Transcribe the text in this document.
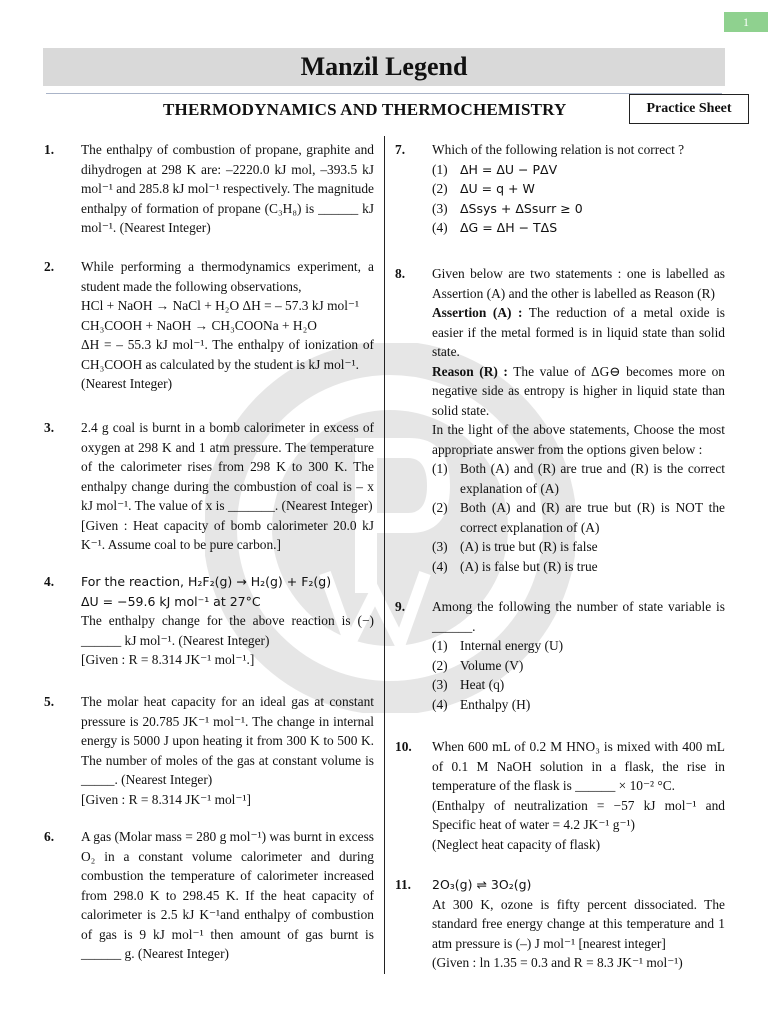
1
Manzil Legend
THERMODYNAMICS AND THERMOCHEMISTRY	Practice Sheet
1. The enthalpy of combustion of propane, graphite and dihydrogen at 298 K are: –2220.0 kJ mol, –393.5 kJ mol⁻¹ and 285.8 kJ mol⁻¹ respectively. The magnitude enthalpy of formation of propane (C₃H₈) is ______ kJ mol⁻¹. (Nearest Integer)

2. While performing a thermodynamics experiment, a student made the following observations,

HCl + NaOH → NaCl + H₂O ΔH = – 57.3 kJ mol⁻¹

CH₃COOH + NaOH → CH₃COONa + H₂O

ΔH = – 55.3 kJ mol⁻¹. The enthalpy of ionization of CH₃COOH as calculated by the student is kJ mol⁻¹.

(Nearest Integer)

3. 2.4 g coal is burnt in a bomb calorimeter in excess of oxygen at 298 K and 1 atm pressure. The temperature of the calorimeter rises from 298 K to 300 K. The enthalpy change during the combustion of coal is – x kJ mol⁻¹. The value of x is _______. (Nearest Integer)

[Given : Heat capacity of bomb calorimeter 20.0 kJ K⁻¹. Assume coal to be pure carbon.]

4. For the reaction, H₂F₂(g) → H₂(g) + F₂(g)

ΔU = −59.6 kJ mol⁻¹ at 27°C

The enthalpy change for the above reaction is (−) ______ kJ mol⁻¹. (Nearest Integer)

[Given : R = 8.314 JK⁻¹ mol⁻¹.]

5. The molar heat capacity for an ideal gas at constant pressure is 20.785 JK⁻¹ mol⁻¹. The change in internal energy is 5000 J upon heating it from 300 K to 500 K. The number of moles of the gas at constant volume is _____. (Nearest Integer)

[Given : R = 8.314 JK⁻¹ mol⁻¹]

6. A gas (Molar mass = 280 g mol⁻¹) was burnt in excess O₂ in a constant volume calorimeter and during combustion the temperature of calorimeter increased from 298.0 K to 298.45 K. If the heat capacity of calorimeter is 2.5 kJ K⁻¹and enthalpy of combustion of gas is 9 kJ mol⁻¹ then amount of gas burnt is ______ g. (Nearest Integer)

7. Which of the following relation is not correct ?

(1) ΔH = ΔU − PΔV
(2) ΔU = q + W
(3) ΔSsys + ΔSsurr ≥ 0
(4) ΔG = ΔH − TΔS
8. Given below are two statements : one is labelled as Assertion (A) and the other is labelled as Reason (R)

Assertion (A) : The reduction of a metal oxide is easier if the metal formed is in liquid state than solid state.

Reason (R) : The value of ΔG⊖ becomes more on negative side as entropy is higher in liquid state than solid state.

In the light of the above statements, Choose the most appropriate answer from the options given below :

(1) Both (A) and (R) are true and (R) is the correct explanation of (A)
(2) Both (A) and (R) are true but (R) is NOT the correct explanation of (A)
(3) (A) is true but (R) is false
(4) (A) is false but (R) is true
9. Among the following the number of state variable is ______.

(1) Internal energy (U)
(2) Volume (V)
(3) Heat (q)
(4) Enthalpy (H)
10. When 600 mL of 0.2 M HNO₃ is mixed with 400 mL of 0.1 M NaOH solution in a flask, the rise in temperature of the flask is ______ × 10⁻² °C.

(Enthalpy of neutralization = −57 kJ mol⁻¹ and Specific heat of water = 4.2 JK⁻¹ g⁻¹)

(Neglect heat capacity of flask)

11. 2O₃(g) ⇌ 3O₂(g)

At 300 K, ozone is fifty percent dissociated. The standard free energy change at this temperature and 1 atm pressure is (–) J mol⁻¹ [nearest integer]

(Given : ln 1.35 = 0.3 and R = 8.3 JK⁻¹ mol⁻¹)
